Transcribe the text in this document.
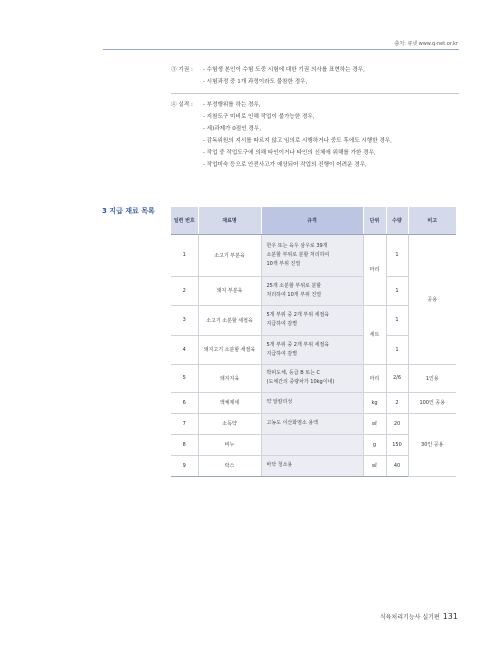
출처: 큐넷 www.q-net.or.kr
③ 기권 :	- 수험생 본인이 수험 도중 시험에 대한 기권 의사를 표현하는 경우,
- 시험과정 중 1개 과정이라도 불참한 경우,
④ 실격 :	- 부정행위를 하는 경우,
- 지참도구 미비로 인해 작업이 불가능한 경우,
- 세)과제가 0점인 경우,
- 감독위원의 지시를 따르지 않고 임의로 시행하거나 중도 후에도 시행한 경우,
- 작업 중 작업도구에 의해 타인이거나 타인의 신체에 위해를 가한 경우,
- 작업미숙 등으로 안전사고가 예상되어 작업의 진행이 어려운 경우,
3 지급 재료 목록
일련 번호	재료명	규격	단위	수량	비고
1	소고기 부분육	한우 또는 육우 삼우로 39개
소분할 부위로 분할 처리하여
10개 부위 진열	마리	1	공용
2	돼지 부분육	25개 소분할 부위로 분할
처리하여 10개 부위 진열		1	
3	소고기 소분할 세절육	5개 부위 중 2개 부위 세절육
지급하여 감별	세트	1	
4	돼지고기 소분할 세절육	5개 부위 중 2개 부위 세절육
지급하여 감별		1	
5	돼지지육	박피도체, 등급 B 또는 C
(도체간의 중량차가 10kg이내)	마리	2/6	1인용
6	액체제세	약 알칼리성	kg	2	100인 공용
7	소독약	고농도 이산화염소 용액	㎖	20	30인 공용
8	비누		g	150	
9	락스	바닥 청소용	㎖	40	
식육처리기능사 실기편 131
